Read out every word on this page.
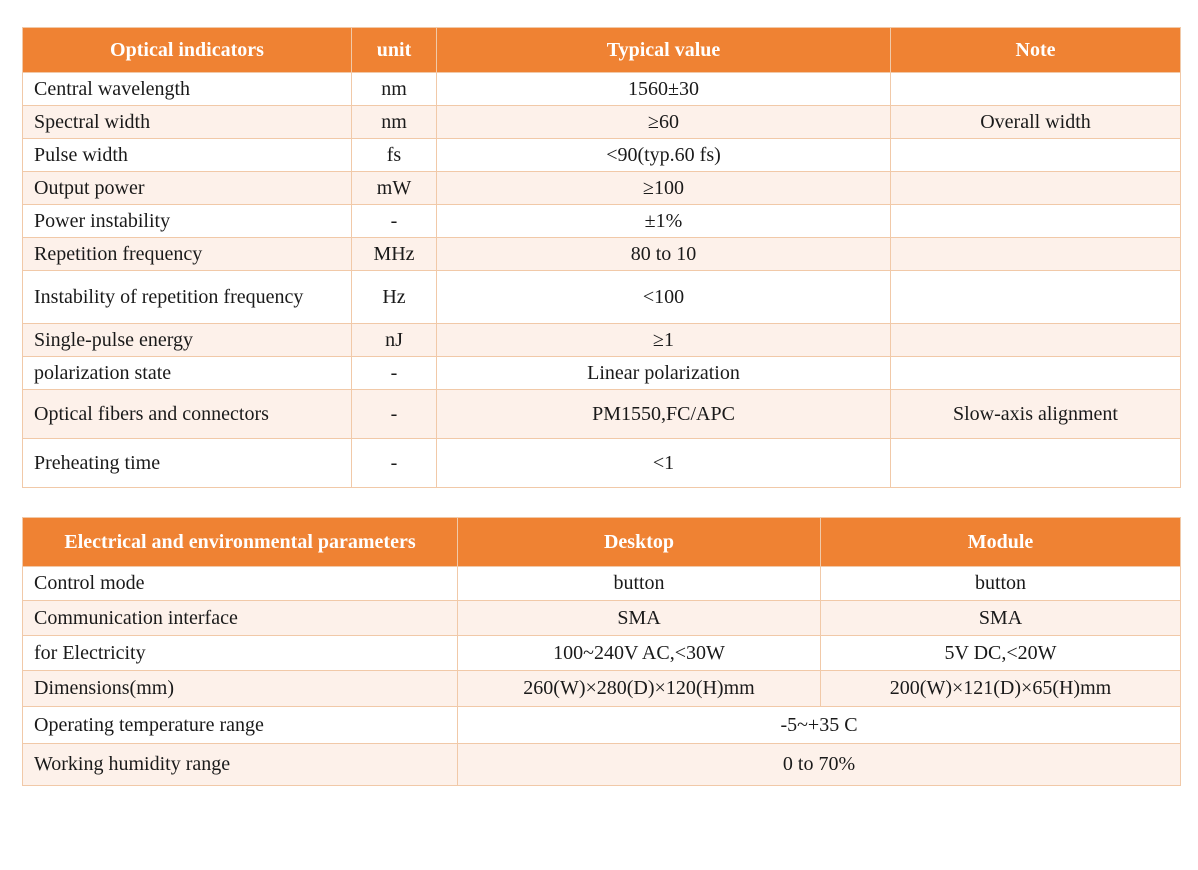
Optical indicators	unit	Typical value	Note
Central wavelength	nm	1560±30	
Spectral width	nm	≥60	Overall width
Pulse width	fs	<90(typ.60 fs)	
Output power	mW	≥100	
Power instability	-	±1%	
Repetition frequency	MHz	80 to 10	
Instability of repetition frequency	Hz	<100	
Single-pulse energy	nJ	≥1	
polarization state	-	Linear polarization	
Optical fibers and connectors	-	PM1550,FC/APC	Slow-axis alignment
Preheating time	-	<1	
Electrical and environmental parameters	Desktop	Module
Control mode	button	button
Communication interface	SMA	SMA
for Electricity	100~240V AC,<30W	5V DC,<20W
Dimensions(mm)	260(W)×280(D)×120(H)mm	200(W)×121(D)×65(H)mm
Operating temperature range	-5~+35 C	
Working humidity range	0 to 70%	
